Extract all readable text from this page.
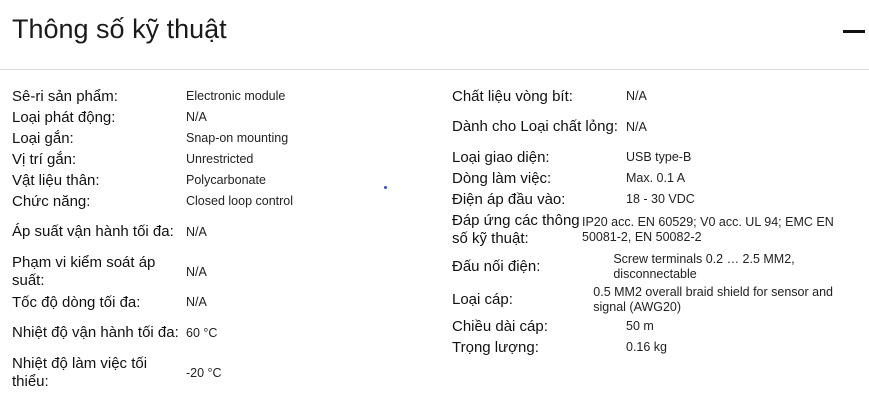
Thông số kỹ thuật
Sê-ri sản phẩm:	Electronic module
Loại phát động:	N/A
Loại gắn:	Snap-on mounting
Vị trí gắn:	Unrestricted
Vật liệu thân:	Polycarbonate
Chức năng:	Closed loop control
Áp suất vận hành tối đa: N/A
Phạm vi kiểm soát áp suất:
N/A
Tốc độ dòng tối đa:	N/A
Nhiệt độ vận hành tối đa: 60 °C
Nhiệt độ làm việc tối thiểu:
-20 °C
Chất liệu vòng bít:	N/A
Dành cho Loại chất lỏng: N/A
Loại giao diện:	USB type-B
Dòng làm việc:	Max. 0.1 A
Điện áp đầu vào:	18 - 30 VDC
Đáp ứng các thông số kỹ thuật:
IP20 acc. EN 60529; V0 acc. UL 94; EMC EN 50081-2, EN 50082-2
Đấu nối điện:	Screw terminals 0.2 … 2.5 MM2, disconnectable
Loại cáp:	0.5 MM2 overall braid shield for sensor and signal (AWG20)
Chiều dài cáp:	50 m
Trọng lượng:	0.16 kg
